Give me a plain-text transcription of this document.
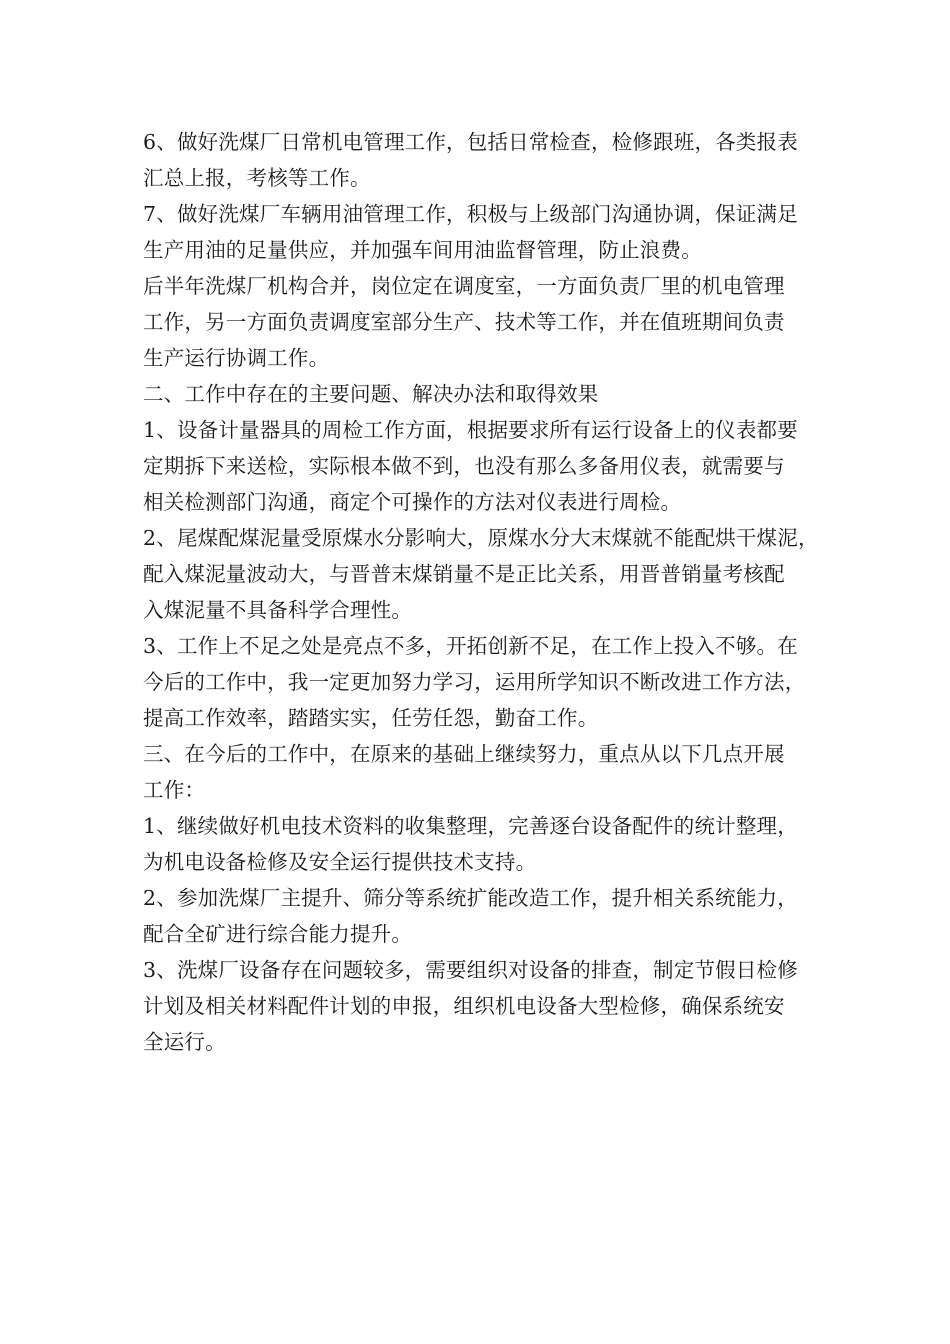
6、做好洗煤厂日常机电管理工作，包括日常检查，检修跟班，各类报表
汇总上报，考核等工作。
7、做好洗煤厂车辆用油管理工作，积极与上级部门沟通协调，保证满足
生产用油的足量供应，并加强车间用油监督管理，防止浪费。
后半年洗煤厂机构合并，岗位定在调度室，一方面负责厂里的机电管理
工作，另一方面负责调度室部分生产、技术等工作，并在值班期间负责
生产运行协调工作。
二、工作中存在的主要问题、解决办法和取得效果
1、设备计量器具的周检工作方面，根据要求所有运行设备上的仪表都要
定期拆下来送检，实际根本做不到，也没有那么多备用仪表，就需要与
相关检测部门沟通，商定个可操作的方法对仪表进行周检。
2、尾煤配煤泥量受原煤水分影响大，原煤水分大末煤就不能配烘干煤泥，
配入煤泥量波动大，与晋普末煤销量不是正比关系，用晋普销量考核配
入煤泥量不具备科学合理性。
3、工作上不足之处是亮点不多，开拓创新不足，在工作上投入不够。在
今后的工作中，我一定更加努力学习，运用所学知识不断改进工作方法，
提高工作效率，踏踏实实，任劳任怨，勤奋工作。
三、在今后的工作中，在原来的基础上继续努力，重点从以下几点开展
工作：
1、继续做好机电技术资料的收集整理，完善逐台设备配件的统计整理，
为机电设备检修及安全运行提供技术支持。
2、参加洗煤厂主提升、筛分等系统扩能改造工作，提升相关系统能力，
配合全矿进行综合能力提升。
3、洗煤厂设备存在问题较多，需要组织对设备的排查，制定节假日检修
计划及相关材料配件计划的申报，组织机电设备大型检修，确保系统安
全运行。
